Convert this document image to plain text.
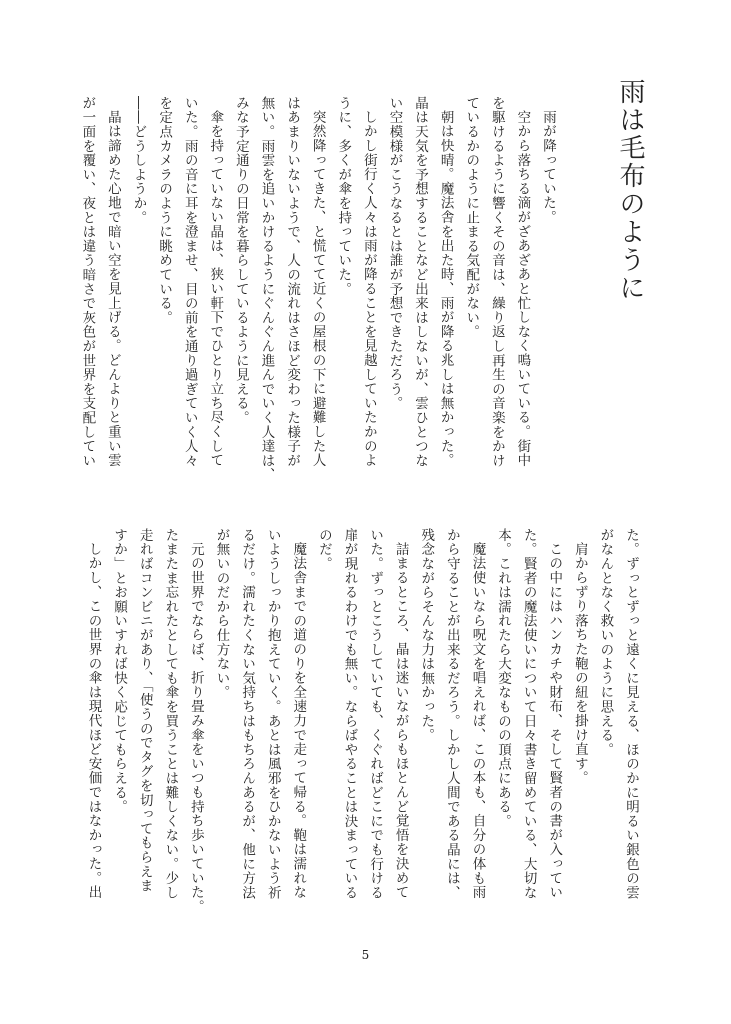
雨は毛布のように

雨が降っていた。

空から落ちる滴がざあざあと忙しなく鳴いている。街中

を駆けるように響くその音は、繰り返し再生の音楽をかけ

ているかのように止まる気配がない。

朝は快晴。魔法舎を出た時、雨が降る兆しは無かった。

晶は天気を予想することなど出来はしないが、雲ひとつな

い空模様がこうなるとは誰が予想できただろう。

しかし街行く人々は雨が降ることを見越していたかのよ

うに、多くが傘を持っていた。

突然降ってきた、と慌てて近くの屋根の下に避難した人

はあまりいないようで、人の流れはさほど変わった様子が

無い。雨雲を追いかけるようにぐんぐん進んでいく人達は、

みな予定通りの日常を暮らしているように見える。

傘を持っていない晶は、狭い軒下でひとり立ち尽くして

いた。雨の音に耳を澄ませ、目の前を通り過ぎていく人々

を定点カメラのように眺めている。

――どうしようか。

晶は諦めた心地で暗い空を見上げる。どんよりと重い雲

が一面を覆い、夜とは違う暗さで灰色が世界を支配してい

た。ずっとずっと遠くに見える、ほのかに明るい銀色の雲

がなんとなく救いのように思える。

肩からずり落ちた鞄の紐を掛け直す。

この中にはハンカチや財布、そして賢者の書が入ってい

た。賢者の魔法使いについて日々書き留めている、大切な

本。これは濡れたら大変なものの頂点にある。

魔法使いなら呪文を唱えれば、この本も、自分の体も雨

から守ることが出来るだろう。しかし人間である晶には、

残念ながらそんな力は無かった。

詰まるところ、晶は迷いながらもほとんど覚悟を決めて

いた。ずっとこうしていても、くぐればどこにでも行ける

扉が現れるわけでも無い。ならばやることは決まっている

のだ。

魔法舎までの道のりを全速力で走って帰る。鞄は濡れな

いようしっかり抱えていく。あとは風邪をひかないよう祈

るだけ。濡れたくない気持ちはもちろんあるが、他に方法

が無いのだから仕方ない。

元の世界でならば、折り畳み傘をいつも持ち歩いていた。

たまたま忘れたとしても傘を買うことは難しくない。少し

走ればコンビニがあり、「使うのでタグを切ってもらえま

すか」とお願いすれば快く応じてもらえる。

しかし、この世界の傘は現代ほど安価ではなかった。出

5
